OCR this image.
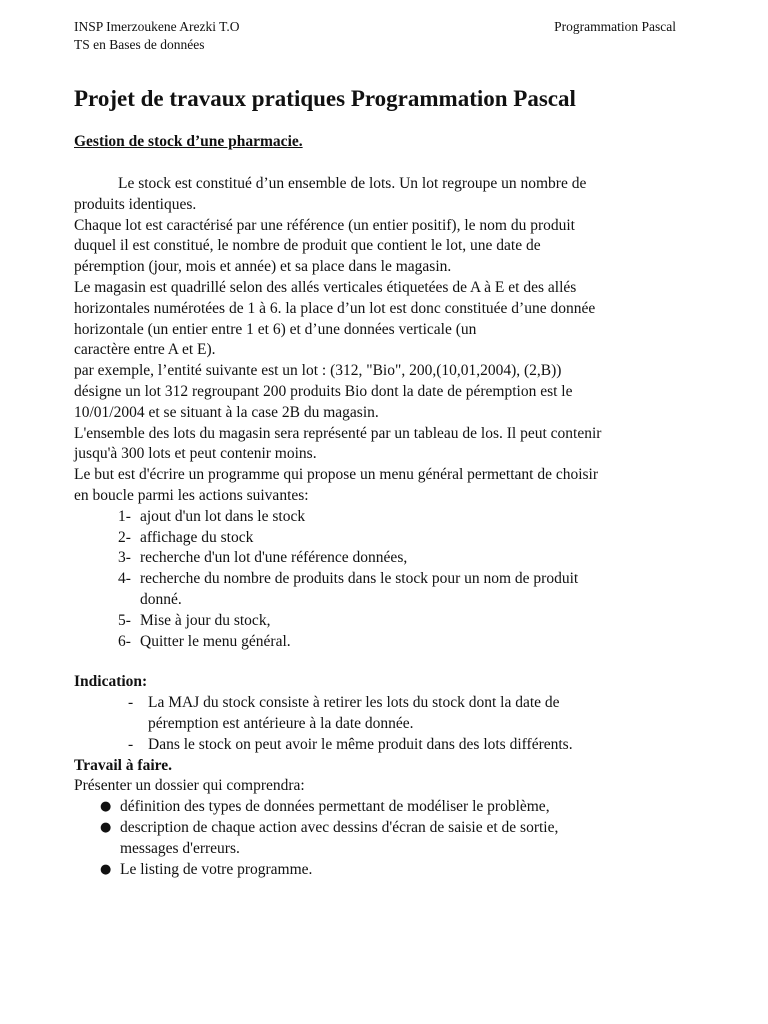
INSP Imerzoukene Arezki T.O
TS en Bases de données
Programmation Pascal
Projet de travaux pratiques Programmation Pascal
Gestion de stock d’une pharmacie.
Le stock est constitué d’un ensemble de lots. Un lot regroupe un nombre de
produits identiques.
Chaque lot est caractérisé par une référence (un entier positif), le nom du produit
duquel il est constitué, le nombre de produit que contient le lot, une date de
péremption (jour, mois et année) et sa place dans le magasin.
Le magasin est quadrillé selon des allés verticales étiquetées de A à E et des allés
horizontales numérotées de 1 à 6. la place d’un lot est donc constituée d’une donnée
horizontale (un entier entre 1 et 6) et d’une données verticale (un
caractère entre A et E).
par exemple, l’entité suivante est un lot : (312, "Bio", 200,(10,01,2004), (2,B))
désigne un lot 312 regroupant 200 produits Bio dont la date de péremption est le
10/01/2004 et se situant à la case 2B du magasin.
L'ensemble des lots du magasin sera représenté par un tableau de los. Il peut contenir
jusqu'à 300 lots et peut contenir moins.
Le but est d'écrire un programme qui propose un menu général permettant de choisir
en boucle parmi les actions suivantes:
1- ajout d'un lot dans le stock
2- affichage du stock
3- recherche d'un lot d'une référence données,
4- recherche du nombre de produits dans le stock pour un nom de produit
donné.
5- Mise à jour du stock,
6- Quitter le menu général.
Indication:
- La MAJ du stock consiste à retirer les lots du stock dont la date de
péremption est antérieure à la date donnée.
- Dans le stock on peut avoir le même produit dans des lots différents.
Travail à faire.
Présenter un dossier qui comprendra:
● définition des types de données permettant de modéliser le problème,
● description de chaque action avec dessins d'écran de saisie et de sortie,
messages d'erreurs.
● Le listing de votre programme.
